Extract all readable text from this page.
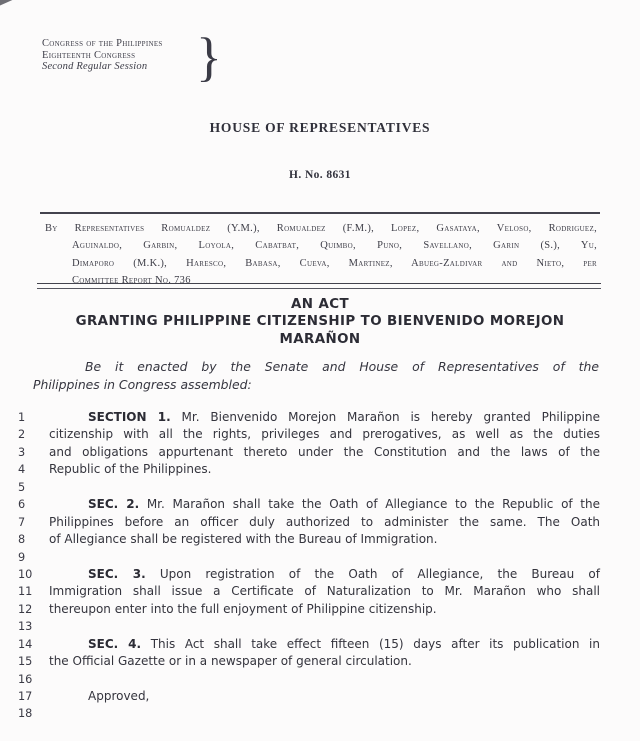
Congress of the Philippines
Eighteenth Congress
Second Regular Session }
HOUSE OF REPRESENTATIVES
H. No. 8631
By Representatives Romualdez (Y.M.), Romualdez (F.M.), Lopez, Gasataya, Veloso, Rodriguez,
Aguinaldo, Garbin, Loyola, Cabatbat, Quimbo, Puno, Savellano, Garin (S.), Yu,
Dimaporo (M.K.), Haresco, Babasa, Cueva, Martinez, Abueg-Zaldivar and Nieto, per
Committee Report No. 736
AN ACT
GRANTING PHILIPPINE CITIZENSHIP TO BIENVENIDO MOREJON
MARAÑON
Be it enacted by the Senate and House of Representatives of the
Philippines in Congress assembled:
1	SECTION 1. Mr. Bienvenido Morejon Marañon is hereby granted Philippine
2	citizenship with all the rights, privileges and prerogatives, as well as the duties
3	and obligations appurtenant thereto under the Constitution and the laws of the
4	Republic of the Philippines.
5
6	SEC. 2. Mr. Marañon shall take the Oath of Allegiance to the Republic of the
7	Philippines before an officer duly authorized to administer the same. The Oath
8	of Allegiance shall be registered with the Bureau of Immigration.
9
10	SEC. 3. Upon registration of the Oath of Allegiance, the Bureau of
11	Immigration shall issue a Certificate of Naturalization to Mr. Marañon who shall
12	thereupon enter into the full enjoyment of Philippine citizenship.
13
14	SEC. 4. This Act shall take effect fifteen (15) days after its publication in
15	the Official Gazette or in a newspaper of general circulation.
16
17	Approved,
18
